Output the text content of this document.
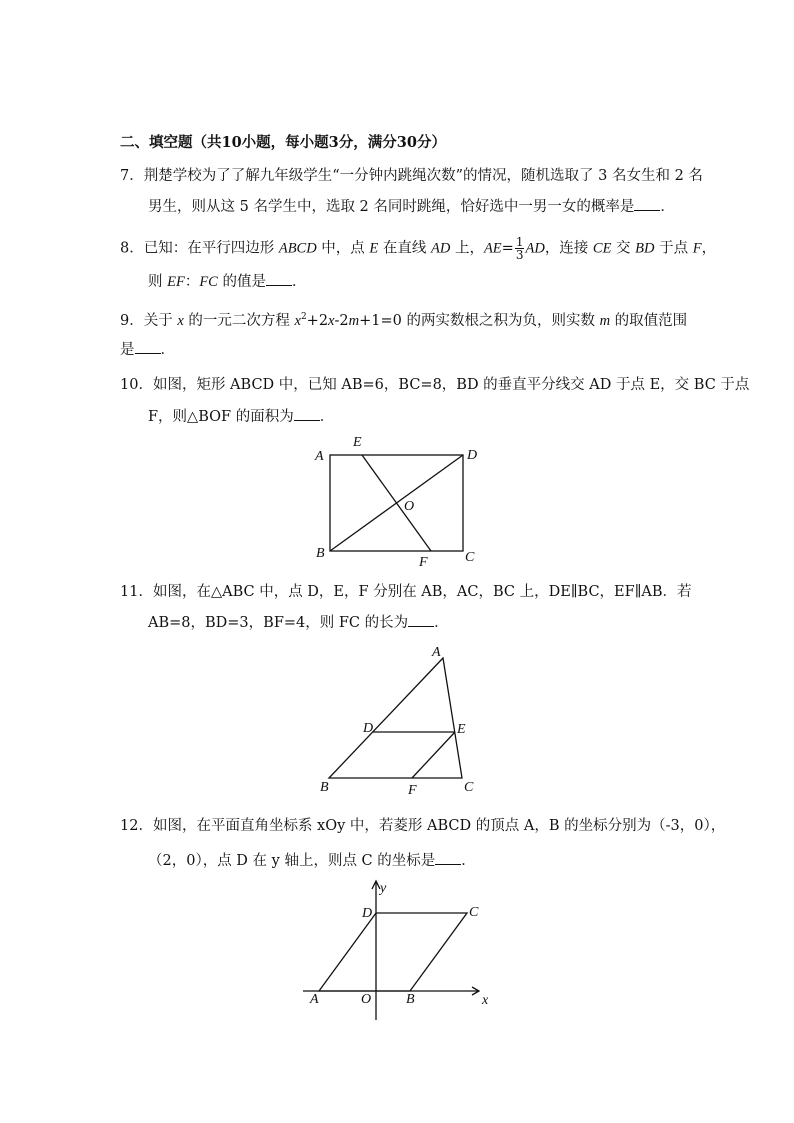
二、填空题（共10小题，每小题3分，满分30分）
7．荆楚学校为了了解九年级学生“一分钟内跳绳次数”的情况，随机选取了 3 名女生和 2 名
男生，则从这 5 名学生中，选取 2 名同时跳绳，恰好选中一男一女的概率是 ．
8．已知：在平行四边形 ABCD 中，点 E 在直线 AD 上，$AE= \frac{1}{3}$ AD，连接 CE 交 BD 于点 F，
则 EF：FC 的值是 ．
9．关于 x 的一元二次方程 $x^2+2x-2m+1=0$ 的两实数根之积为负，则实数 m 的取值范围
是 ．
10．如图，矩形 ABCD 中，已知 AB=6，BC=8，BD 的垂直平分线交 AD 于点 E，交 BC 于点
F，则△BOF 的面积为 ．
A
B	C
D
E
F
O
11．如图，在△ABC 中，点 D，E，F 分别在 AB，AC，BC 上，DE∥BC，EF∥AB．若
AB=8，BD=3，BF=4，则 FC 的长为 ．
A
B	C
D	E
F
12．如图，在平面直角坐标系 xOy 中，若菱形 ABCD 的顶点 A，B 的坐标分别为（-3，0），
（2，0），点 D 在 y 轴上，则点 C 的坐标是 ．
A	B
C
D
O	x
y
